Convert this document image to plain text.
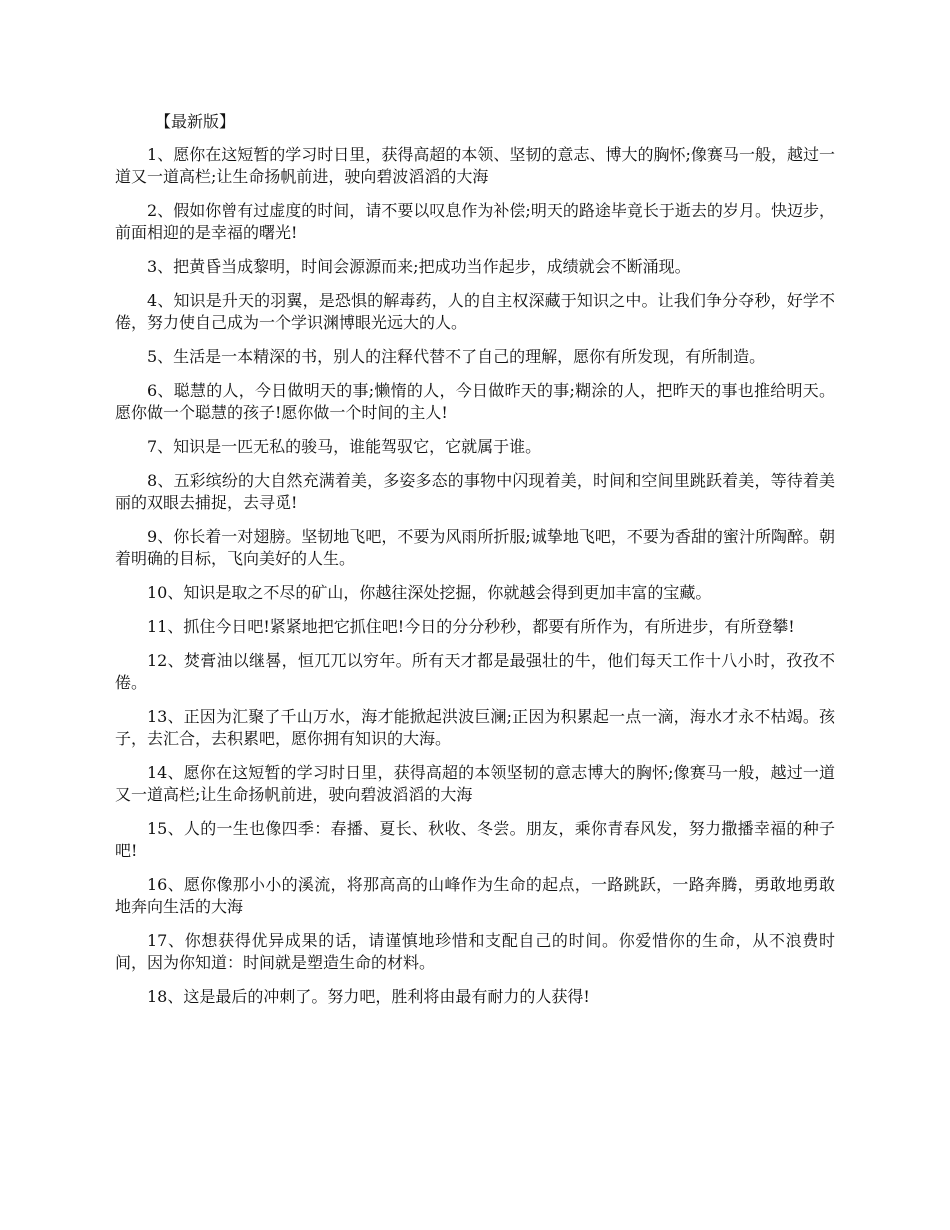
【最新版】

1、愿你在这短暂的学习时日里，获得高超的本领、坚韧的意志、博大的胸怀;像赛马一般，越过一道又一道高栏;让生命扬帆前进，驶向碧波滔滔的大海

2、假如你曾有过虚度的时间，请不要以叹息作为补偿;明天的路途毕竟长于逝去的岁月。快迈步，前面相迎的是幸福的曙光!

3、把黄昏当成黎明，时间会源源而来;把成功当作起步，成绩就会不断涌现。

4、知识是升天的羽翼，是恐惧的解毒药，人的自主权深藏于知识之中。让我们争分夺秒，好学不倦，努力使自己成为一个学识渊博眼光远大的人。

5、生活是一本精深的书，别人的注释代替不了自己的理解，愿你有所发现，有所制造。

6、聪慧的人，今日做明天的事;懒惰的人，今日做昨天的事;糊涂的人，把昨天的事也推给明天。愿你做一个聪慧的孩子!愿你做一个时间的主人!

7、知识是一匹无私的骏马，谁能驾驭它，它就属于谁。

8、五彩缤纷的大自然充满着美，多姿多态的事物中闪现着美，时间和空间里跳跃着美，等待着美丽的双眼去捕捉，去寻觅!

9、你长着一对翅膀。坚韧地飞吧，不要为风雨所折服;诚挚地飞吧，不要为香甜的蜜汁所陶醉。朝着明确的目标，飞向美好的人生。

10、知识是取之不尽的矿山，你越往深处挖掘，你就越会得到更加丰富的宝藏。

11、抓住今日吧!紧紧地把它抓住吧!今日的分分秒秒，都要有所作为，有所进步，有所登攀!

12、焚膏油以继晷，恒兀兀以穷年。所有天才都是最强壮的牛，他们每天工作十八小时，孜孜不倦。

13、正因为汇聚了千山万水，海才能掀起洪波巨澜;正因为积累起一点一滴，海水才永不枯竭。孩子，去汇合，去积累吧，愿你拥有知识的大海。

14、愿你在这短暂的学习时日里，获得高超的本领坚韧的意志博大的胸怀;像赛马一般，越过一道又一道高栏;让生命扬帆前进，驶向碧波滔滔的大海

15、人的一生也像四季：春播、夏长、秋收、冬尝。朋友，乘你青春风发，努力撒播幸福的种子吧!

16、愿你像那小小的溪流，将那高高的山峰作为生命的起点，一路跳跃，一路奔腾，勇敢地勇敢地奔向生活的大海

17、你想获得优异成果的话，请谨慎地珍惜和支配自己的时间。你爱惜你的生命，从不浪费时间，因为你知道：时间就是塑造生命的材料。

18、这是最后的冲刺了。努力吧，胜利将由最有耐力的人获得!
